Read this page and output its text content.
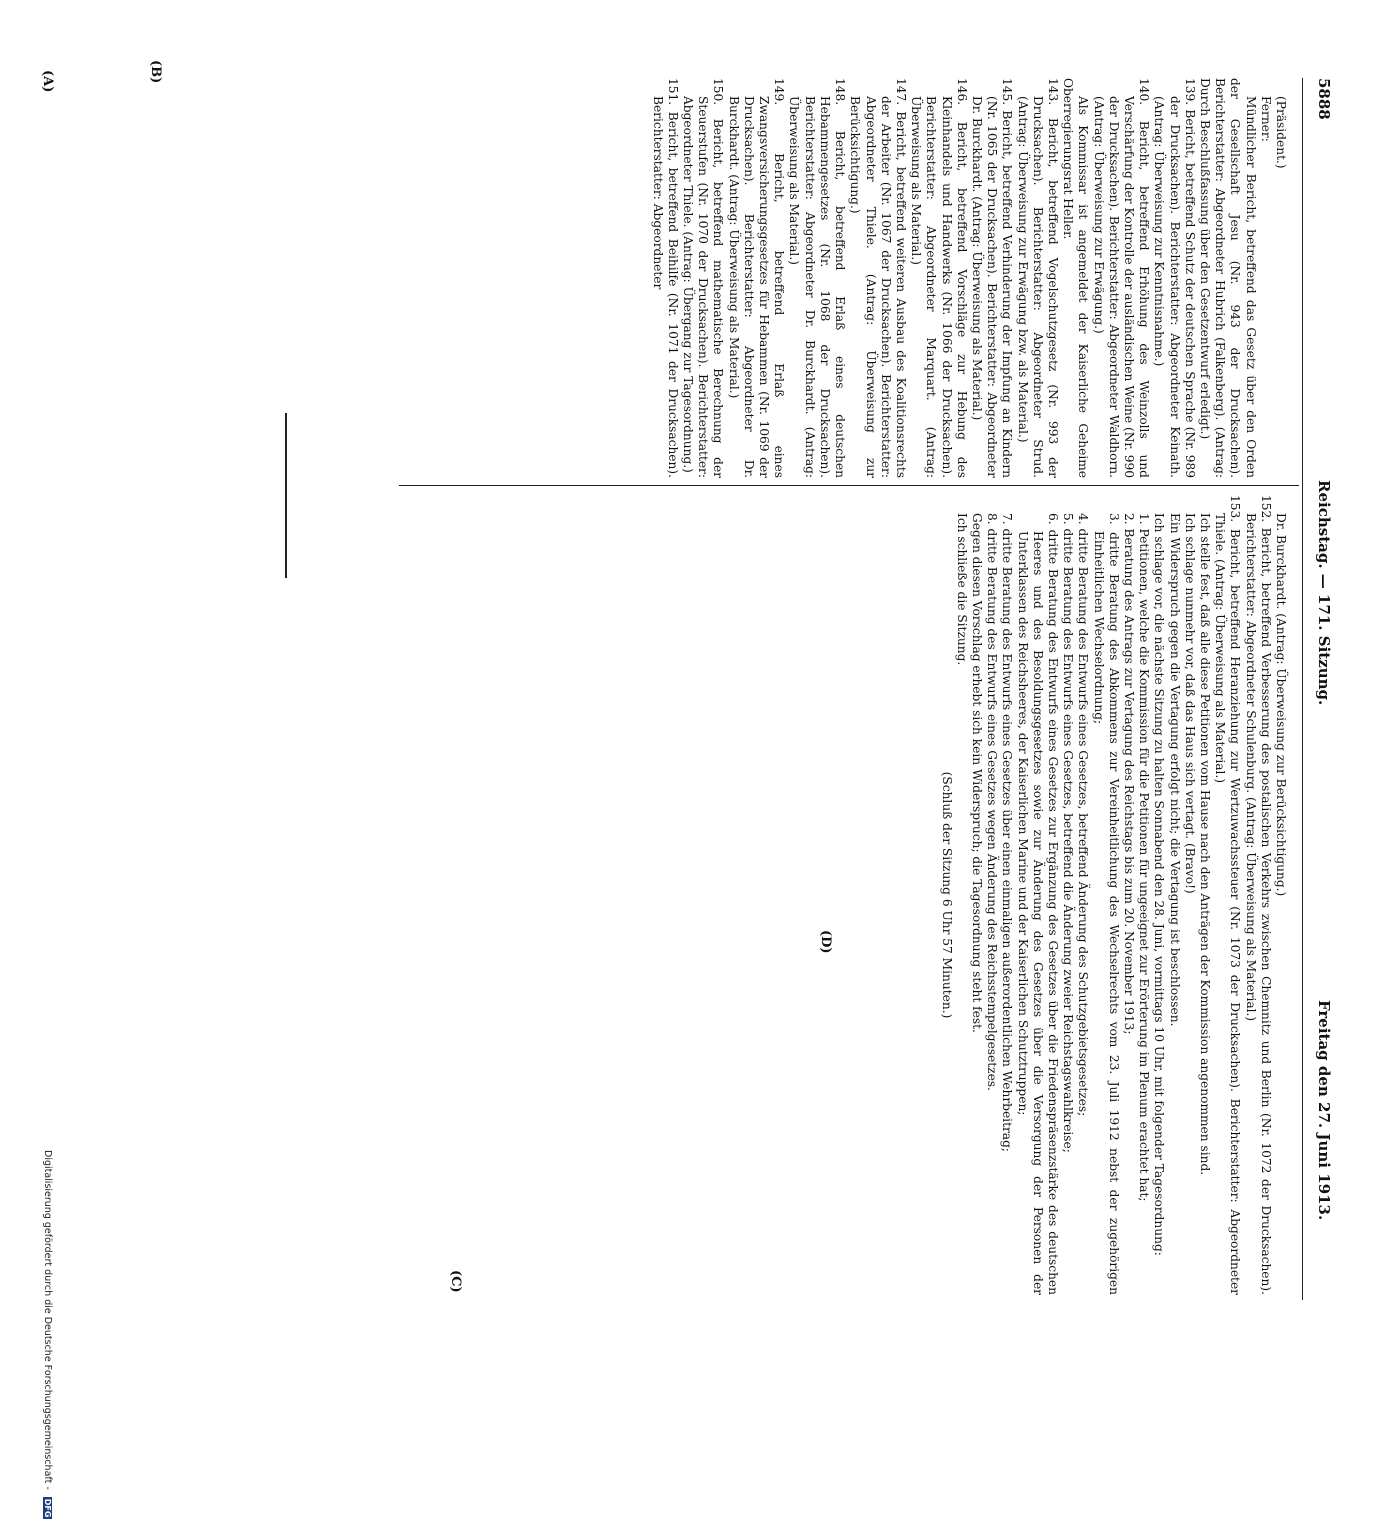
5888
Reichstag. — 171. Sitzung.
Freitag den 27. Juni 1913.
(A)	(B)
(C)
(D)

(Präsident.)

Ferner:

Mündlicher Bericht, betreffend das Gesetz über den Orden der Gesellschaft Jesu (Nr. 943 der Drucksachen). Berichterstatter: Abgeordneter Hubrich (Falkenberg). (Antrag: Durch Beschlußfassung über den Gesetzentwurf erledigt.)

139. Bericht, betreffend Schutz der deutschen Sprache (Nr. 989 der Drucksachen). Berichterstatter: Abgeordneter Keinath. (Antrag: Überweisung zur Kenntnisnahme.)

140. Bericht, betreffend Erhöhung des Weinzolls und Verschärfung der Kontrolle der ausländischen Weine (Nr. 990 der Drucksachen). Berichterstatter: Abgeordneter Waldhorn. (Antrag: Überweisung zur Erwägung.)

Als Kommissar ist angemeldet der Kaiserliche Geheime Oberregierungsrat Heller.

143. Bericht, betreffend Vogelschutzgesetz (Nr. 993 der Drucksachen). Berichterstatter: Abgeordneter Strud. (Antrag: Überweisung zur Erwägung bzw. als Material.)

145. Bericht, betreffend Verhinderung der Impfung an Kindern (Nr. 1065 der Drucksachen). Berichterstatter: Abgeordneter Dr. Burckhardt. (Antrag: Überweisung als Material.)

146. Bericht, betreffend Vorschläge zur Hebung des Kleinhandels und Handwerks (Nr. 1066 der Drucksachen). Berichterstatter: Abgeordneter Marquart. (Antrag: Überweisung als Material.)

147. Bericht, betreffend weiteren Ausbau des Koalitionsrechts der Arbeiter (Nr. 1067 der Drucksachen). Berichterstatter: Abgeordneter Thiele. (Antrag: Überweisung zur Berücksichtigung.)

148. Bericht, betreffend Erlaß eines deutschen Hebammengesetzes (Nr. 1068 der Drucksachen). Berichterstatter: Abgeordneter Dr. Burckhardt. (Antrag: Überweisung als Material.)

149. Bericht, betreffend Erlaß eines Zwangsversicherungsgesetzes für Hebammen (Nr. 1069 der Drucksachen). Berichterstatter: Abgeordneter Dr. Burckhardt. (Antrag: Überweisung als Material.)

150. Bericht, betreffend mathematische Berechnung der Steuerstufen (Nr. 1070 der Drucksachen). Berichterstatter: Abgeordneter Thiele. (Antrag: Übergang zur Tagesordnung.)

151. Bericht, betreffend Beihilfe (Nr. 1071 der Drucksachen). Berichterstatter: Abgeordneter

Dr. Burckhardt. (Antrag: Überweisung zur Berücksichtigung.)

152. Bericht, betreffend Verbesserung des postalischen Verkehrs zwischen Chemnitz und Berlin (Nr. 1072 der Drucksachen). Berichterstatter: Abgeordneter Schulenburg. (Antrag: Überweisung als Material.)

153. Bericht, betreffend Heranziehung zur Wertzuwachssteuer (Nr. 1073 der Drucksachen). Berichterstatter: Abgeordneter Thiele. (Antrag: Überweisung als Material.)

Ich stelle fest, daß alle diese Petitionen vom Hause nach den Anträgen der Kommission angenommen sind.

Ich schlage nunmehr vor, daß das Haus sich vertagt. (Bravo!)

Ein Widerspruch gegen die Vertagung erfolgt nicht; die Vertagung ist beschlossen.

Ich schlage vor, die nächste Sitzung zu halten Sonnabend den 28. Juni, vormittags 10 Uhr, mit folgender Tagesordnung:

1. Petitionen, welche die Kommission für die Petitionen für ungeeignet zur Erörterung im Plenum erachtet hat;

2. Beratung des Antrags zur Vertagung des Reichstags bis zum 20. November 1913;

3. dritte Beratung des Abkommens zur Vereinheitlichung des Wechselrechts vom 23. Juli 1912 nebst der zugehörigen Einheitlichen Wechselordnung;

4. dritte Beratung des Entwurfs eines Gesetzes, betreffend Änderung des Schutzgebietsgesetzes;

5. dritte Beratung des Entwurfs eines Gesetzes, betreffend die Änderung zweier Reichstagswahlkreise;

6. dritte Beratung des Entwurfs eines Gesetzes zur Ergänzung des Gesetzes über die Friedenspräsenzstärke des deutschen Heeres und des Besoldungsgesetzes sowie zur Änderung des Gesetzes über die Versorgung der Personen der Unterklassen des Reichsheeres, der Kaiserlichen Marine und der Kaiserlichen Schutztruppen;

7. dritte Beratung des Entwurfs eines Gesetzes über einen einmaligen außerordentlichen Wehrbeitrag;

8. dritte Beratung des Entwurfs eines Gesetzes wegen Änderung des Reichsstempelgesetzes.

Gegen diesen Vorschlag erhebt sich kein Widerspruch; die Tagesordnung steht fest.

Ich schließe die Sitzung.

(Schluß der Sitzung 6 Uhr 57 Minuten.)

Digitalisierung gefördert durch die Deutsche Forschungsgemeinschaft - DFG
